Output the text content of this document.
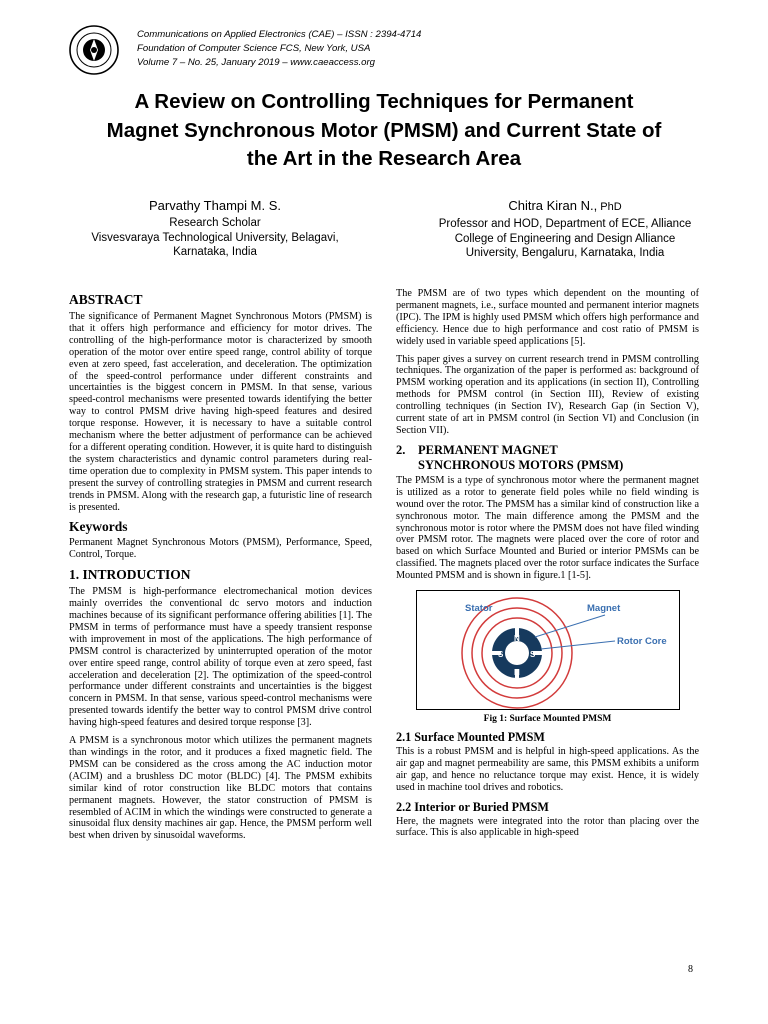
Communications on Applied Electronics (CAE) – ISSN : 2394-4714
Foundation of Computer Science FCS, New York, USA
Volume 7 – No. 25, January 2019 – www.caeaccess.org
A Review on Controlling Techniques for Permanent
Magnet Synchronous Motor (PMSM) and Current State of
the Art in the Research Area
Parvathy Thampi M. S.
Research Scholar
Visvesvaraya Technological University, Belagavi,
Karnataka, India
Chitra Kiran N., PhD
Professor and HOD, Department of ECE, Alliance
College of Engineering and Design Alliance
University, Bengaluru, Karnataka, India
ABSTRACT

The significance of Permanent Magnet Synchronous Motors (PMSM) is that it offers high performance and efficiency for motor drives. The controlling of the high-performance motor is characterized by smooth operation of the motor over entire speed range, control ability of torque even at zero speed, fast acceleration, and deceleration. The optimization of the speed-control performance under different constraints and uncertainties is the biggest concern in PMSM. In that sense, various speed-control mechanisms were presented towards identifying the better way to control PMSM drive having high-speed features and desired torque response. However, it is necessary to have a suitable control mechanism where the better adjustment of performance can be achieved for a different operating condition. However, it is quite hard to distinguish the system characteristics and dynamic control parameters during real-time operation due to complexity in PMSM system. This paper intends to present the survey of controlling strategies in PMSM and current research trends in PMSM. Along with the research gap, a futuristic line of research is presented.

Keywords

Permanent Magnet Synchronous Motors (PMSM), Performance, Speed, Control, Torque.

1. INTRODUCTION

The PMSM is high-performance electromechanical motion devices mainly overrides the conventional dc servo motors and induction machines because of its significant performance offering abilities [1]. The PMSM in terms of performance must have a speedy transient response with improvement in most of the applications. The high performance of PMSM control is characterized by uninterrupted operation of the motor over entire speed range, control ability of torque even at zero speed, fast acceleration and deceleration [2]. The optimization of the speed-control performance under different constraints and uncertainties is the biggest concern in PMSM. In that sense, various speed-control mechanisms were presented towards identify the better way to control PMSM drive control having high-speed features and desired torque response [3].

A PMSM is a synchronous motor which utilizes the permanent magnets than windings in the rotor, and it produces a fixed magnetic field. The PMSM can be considered as the cross among the AC induction motor (ACIM) and a brushless DC motor (BLDC) [4]. The PMSM exhibits similar kind of rotor construction like BLDC motors that contains permanent magnets. However, the stator construction of PMSM is resembled of ACIM in which the windings were constructed to generate a sinusoidal flux density machines air gap. Hence, the PMSM perform well best when driven by sinusoidal waveforms.

The PMSM are of two types which dependent on the mounting of permanent magnets, i.e., surface mounted and permanent interior magnets (IPC). The IPM is highly used PMSM which offers high performance and efficiency. Hence due to high performance and cost ratio of PMSM is widely used in variable speed applications [5].

This paper gives a survey on current research trend in PMSM controlling techniques. The organization of the paper is performed as: background of PMSM working operation and its applications (in section II), Controlling methods for PMSM control (in Section III), Review of existing controlling techniques (in Section IV), Research Gap (in Section V), current state of art in PMSM control (in Section VI) and Conclusion (in Section VII).

2.	PERMANENT MAGNET
SYNCHRONOUS MOTORS (PMSM)

The PMSM is a type of synchronous motor where the permanent magnet is utilized as a rotor to generate field poles while no field winding is wound over the rotor. The PMSM has a similar kind of construction like a synchronous motor. The main difference among the PMSM and the synchronous motor is rotor where the PMSM does not have filed winding over PMSM rotor. The magnets were placed over the core of rotor and based on which Surface Mounted and Buried or interior PMSMs can be classified. The magnets placed over the rotor surface indicates the Surface Mounted PMSM and is shown in figure.1 [1-5].

N
S	S
N
Stator	Magnet
Rotor Core
Fig 1: Surface Mounted PMSM
2.1 Surface Mounted PMSM

This is a robust PMSM and is helpful in high-speed applications. As the air gap and magnet permeability are same, this PMSM exhibits a uniform air gap, and hence no reluctance torque may exist. Hence, it is widely used in machine tool drives and robotics.

2.2 Interior or Buried PMSM

Here, the magnets were integrated into the rotor than placing over the surface. This is also applicable in high-speed

8
